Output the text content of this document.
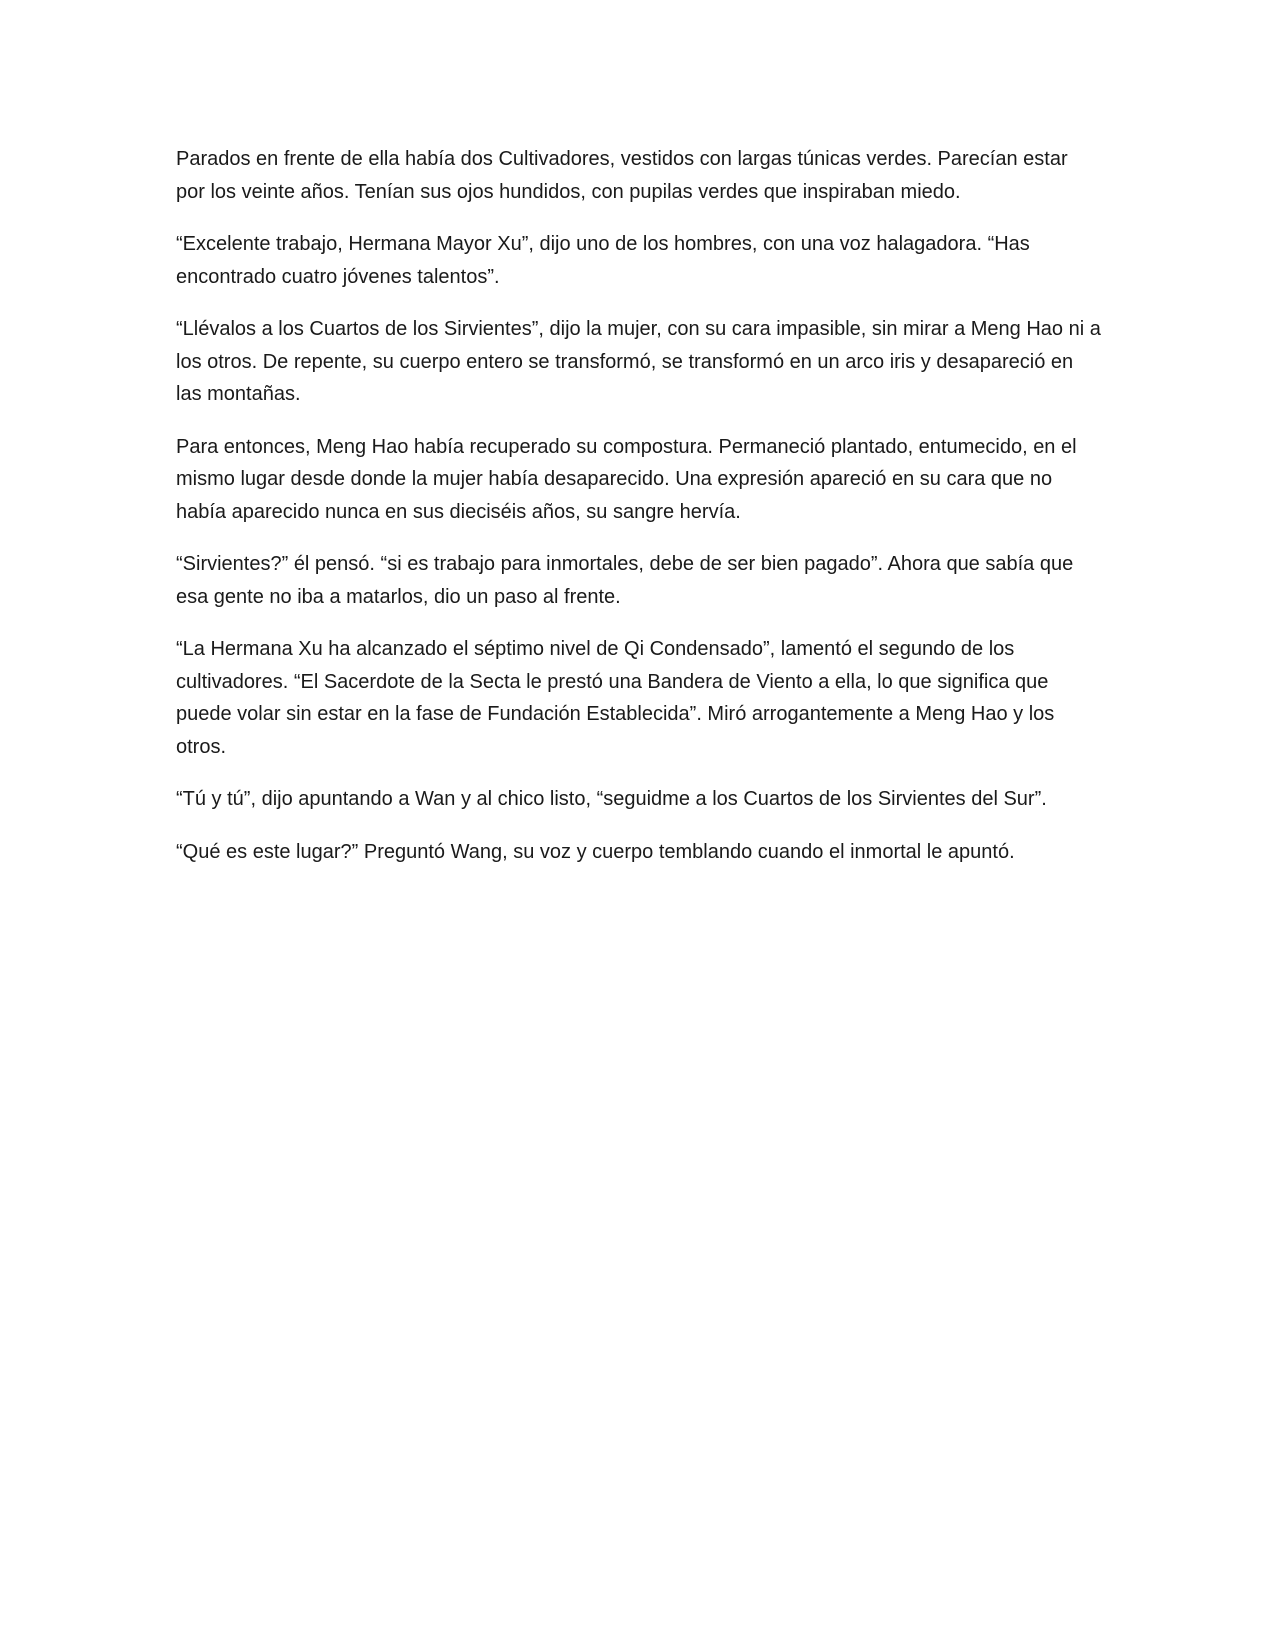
Parados en frente de ella había dos Cultivadores, vestidos con largas túnicas verdes. Parecían estar por los veinte años. Tenían sus ojos hundidos, con pupilas verdes que inspiraban miedo.

“Excelente trabajo, Hermana Mayor Xu”, dijo uno de los hombres, con una voz halagadora. “Has encontrado cuatro jóvenes talentos”.

“Llévalos a los Cuartos de los Sirvientes”, dijo la mujer, con su cara impasible, sin mirar a Meng Hao ni a los otros. De repente, su cuerpo entero se transformó, se transformó en un arco iris y desapareció en las montañas.

Para entonces, Meng Hao había recuperado su compostura. Permaneció plantado, entumecido, en el mismo lugar desde donde la mujer había desaparecido. Una expresión apareció en su cara que no había aparecido nunca en sus dieciséis años, su sangre hervía.

“Sirvientes?” él pensó. “si es trabajo para inmortales, debe de ser bien pagado”. Ahora que sabía que esa gente no iba a matarlos, dio un paso al frente.

“La Hermana Xu ha alcanzado el séptimo nivel de Qi Condensado”, lamentó el segundo de los cultivadores. “El Sacerdote de la Secta le prestó una Bandera de Viento a ella, lo que significa que puede volar sin estar en la fase de Fundación Establecida”. Miró arrogantemente a Meng Hao y los otros.

“Tú y tú”, dijo apuntando a Wan y al chico listo, “seguidme a los Cuartos de los Sirvientes del Sur”.

“Qué es este lugar?” Preguntó Wang, su voz y cuerpo temblando cuando el inmortal le apuntó.
